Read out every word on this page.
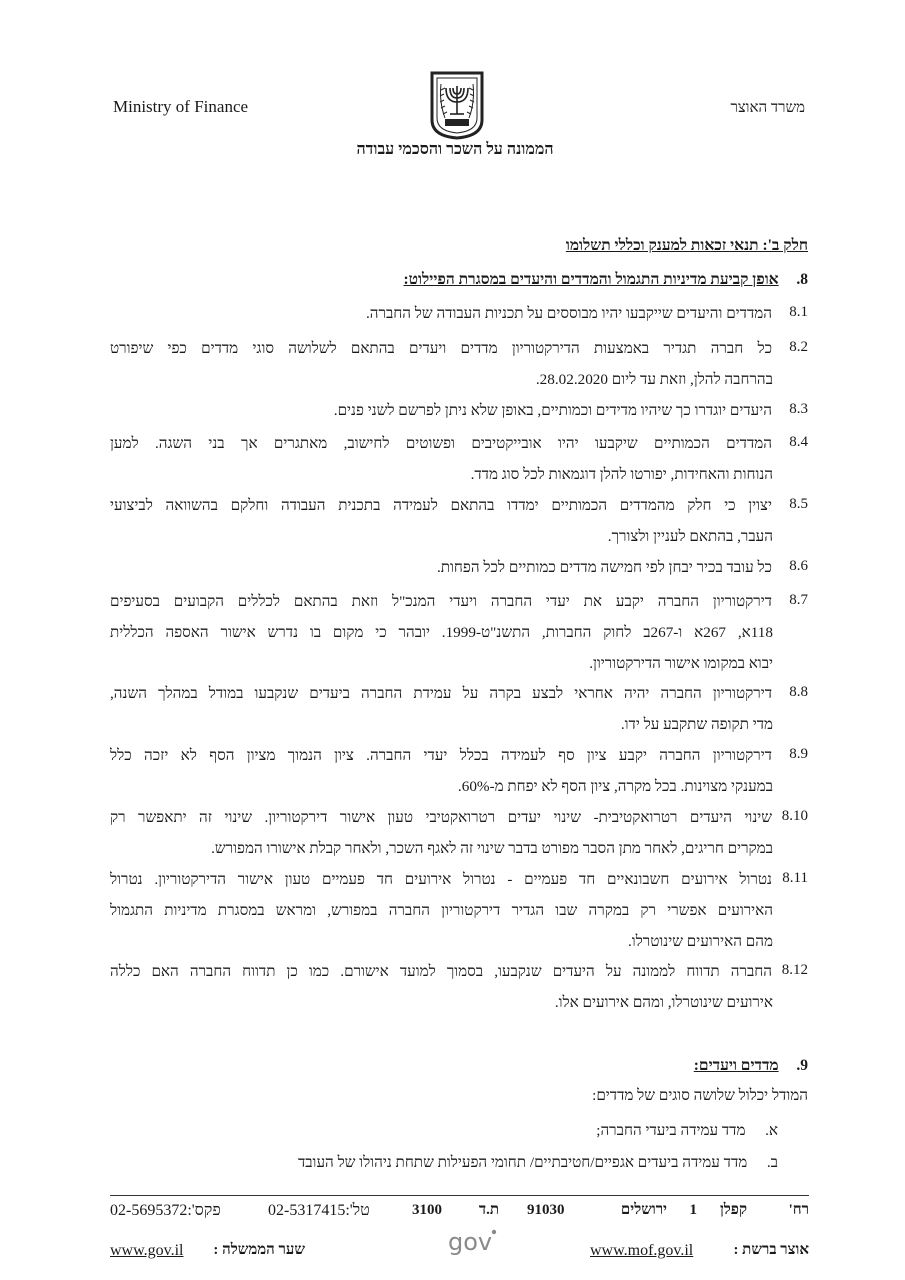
Ministry of Finance	משרד האוצר
הממונה על השכר והסכמי עבודה
חלק ב': תנאי זכאות למענק וכללי תשלומו
8.  אופן קביעת מדיניות התגמול והמדדים והיעדים במסגרת הפיילוט:
8.1
המדדים והיעדים שייקבעו יהיו מבוססים על תכניות העבודה של החברה.
8.2
כל חברה תגדיר באמצעות הדירקטוריון מדדים ויעדים בהתאם לשלושה סוגי מדדים כפי שיפורט
בהרחבה להלן, וזאת עד ליום 28.02.2020.
8.3
היעדים יוגדרו כך שיהיו מדידים וכמותיים, באופן שלא ניתן לפרשם לשני פנים.
8.4
המדדים הכמותיים שיקבעו יהיו אובייקטיבים ופשוטים לחישוב, מאתגרים אך בני השגה. למען
הנוחות והאחידות, יפורטו להלן דוגמאות לכל סוג מדד.
8.5
יצוין כי חלק מהמדדים הכמותיים ימדדו בהתאם לעמידה בתכנית העבודה וחלקם בהשוואה לביצועי
העבר, בהתאם לעניין ולצורך.
8.6
כל עובד בכיר יבחן לפי חמישה מדדים כמותיים לכל הפחות.
8.7
דירקטוריון החברה יקבע את יעדי החברה ויעדי המנכ"ל וזאת בהתאם לכללים הקבועים בסעיפים
118א, 267א ו-267ב לחוק החברות, התשנ"ט-1999. יובהר כי מקום בו נדרש אישור האספה הכללית
יבוא במקומו אישור הדירקטוריון.
8.8
דירקטוריון החברה יהיה אחראי לבצע בקרה על עמידת החברה ביעדים שנקבעו במודל במהלך השנה,
מדי תקופה שתקבע על ידו.
8.9
דירקטוריון החברה יקבע ציון סף לעמידה בכלל יעדי החברה. ציון הנמוך מציון הסף לא יזכה כלל
במענקי מצוינות. בכל מקרה, ציון הסף לא יפחת מ-60%.
8.10
שינוי היעדים רטרואקטיבית- שינוי יעדים רטרואקטיבי טעון אישור דירקטוריון. שינוי זה יתאפשר רק
במקרים חריגים, לאחר מתן הסבר מפורט בדבר שינוי זה לאגף השכר, ולאחר קבלת אישורו המפורש.
8.11
נטרול אירועים חשבונאיים חד פעמיים - נטרול אירועים חד פעמיים טעון אישור הדירקטוריון. נטרול
האירועים אפשרי רק במקרה שבו הגדיר דירקטוריון החברה במפורש, ומראש במסגרת מדיניות התגמול
מהם האירועים שינוטרלו.
8.12
החברה תדווח לממונה על היעדים שנקבעו, בסמוך למועד אישורם. כמו כן תדווח החברה האם כללה
אירועים שינוטרלו, ומהם אירועים אלו.
9.  מדדים ויעדים:
המודל יכלול שלושה סוגים של מדדים:
א.  מדד עמידה ביעדי החברה;
ב.  מדד עמידה ביעדים אגפיים/חטיבתיים/ תחומי הפעילות שתחת ניהולו של העובד
רח'
קפלן
1
ירושלים
91030
ת.ד
3100
טל':02-5317415
פקס':02-5695372
אוצר ברשת :
www.mof.gov.il
gov
שער הממשלה :
www.gov.il
